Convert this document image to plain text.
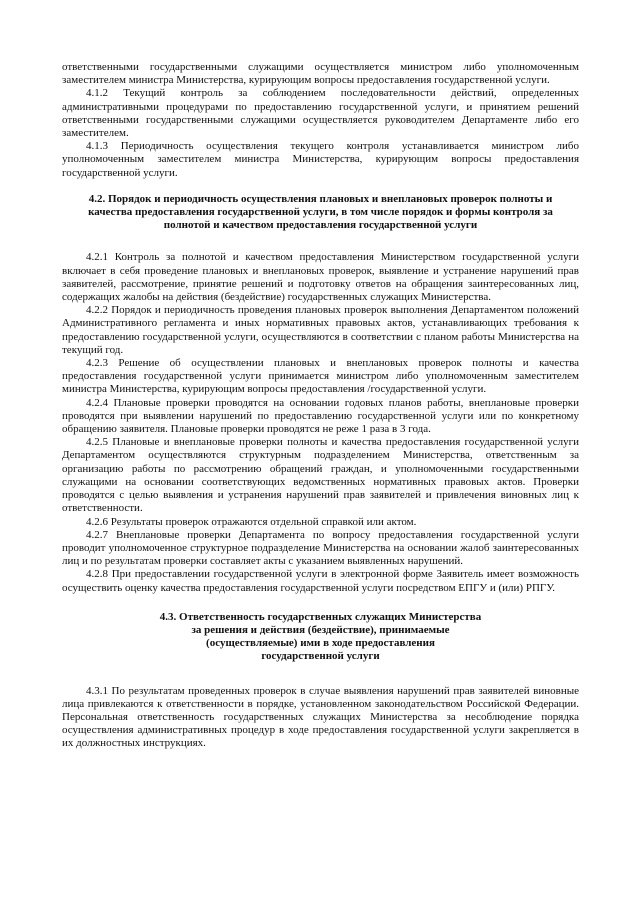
ответственными государственными служащими осуществляется министром либо уполномоченным заместителем министра Министерства, курирующим вопросы предоставления государственной услуги.

4.1.2 Текущий контроль за соблюдением последовательности действий, определенных административными процедурами по предоставлению государственной услуги, и принятием решений ответственными государственными служащими осуществляется руководителем Департаменте либо его заместителем.

4.1.3 Периодичность осуществления текущего контроля устанавливается министром либо уполномоченным заместителем министра Министерства, курирующим вопросы предоставления государственной услуги.

4.2. Порядок и периодичность осуществления плановых и внеплановых проверок полноты и
качества предоставления государственной услуги, в том числе порядок и формы контроля за
полнотой и качеством предоставления государственной услуги

4.2.1 Контроль за полнотой и качеством предоставления Министерством государственной услуги включает в себя проведение плановых и внеплановых проверок, выявление и устранение нарушений прав заявителей, рассмотрение, принятие решений и подготовку ответов на обращения заинтересованных лиц, содержащих жалобы на действия (бездействие) государственных служащих Министерства.

4.2.2 Порядок и периодичность проведения плановых проверок выполнения Департаментом положений Административного регламента и иных нормативных правовых актов, устанавливающих требования к предоставлению государственной услуги, осуществляются в соответствии с планом работы Министерства на текущий год.

4.2.3 Решение об осуществлении плановых и внеплановых проверок полноты и качества предоставления государственной услуги принимается министром либо уполномоченным заместителем министра Министерства, курирующим вопросы предоставления /государственной услуги.

4.2.4 Плановые проверки проводятся на основании годовых планов работы, внеплановые проверки проводятся при выявлении нарушений по предоставлению государственной услуги или по конкретному обращению заявителя. Плановые проверки проводятся не реже 1 раза в 3 года.

4.2.5 Плановые и внеплановые проверки полноты и качества предоставления государственной услуги Департаментом осуществляются структурным подразделением Министерства, ответственным за организацию работы по рассмотрению обращений граждан, и уполномоченными государственными служащими на основании соответствующих ведомственных нормативных правовых актов. Проверки проводятся с целью выявления и устранения нарушений прав заявителей и привлечения виновных лиц к ответственности.

4.2.6 Результаты проверок отражаются отдельной справкой или актом.

4.2.7 Внеплановые проверки Департамента по вопросу предоставления государственной услуги проводит уполномоченное структурное подразделение Министерства на основании жалоб заинтересованных лиц и по результатам проверки составляет акты с указанием выявленных нарушений.

4.2.8 При предоставлении государственной услуги в электронной форме Заявитель имеет возможность осуществить оценку качества предоставления государственной услуги посредством ЕПГУ и (или) РПГУ.

4.3. Ответственность государственных служащих Министерства
за решения и действия (бездействие), принимаемые
(осуществляемые) ими в ходе предоставления
государственной услуги

4.3.1 По результатам проведенных проверок в случае выявления нарушений прав заявителей виновные лица привлекаются к ответственности в порядке, установленном законодательством Российской Федерации. Персональная ответственность государственных служащих Министерства за несоблюдение порядка осуществления административных процедур в ходе предоставления государственной услуги закрепляется в их должностных инструкциях.
